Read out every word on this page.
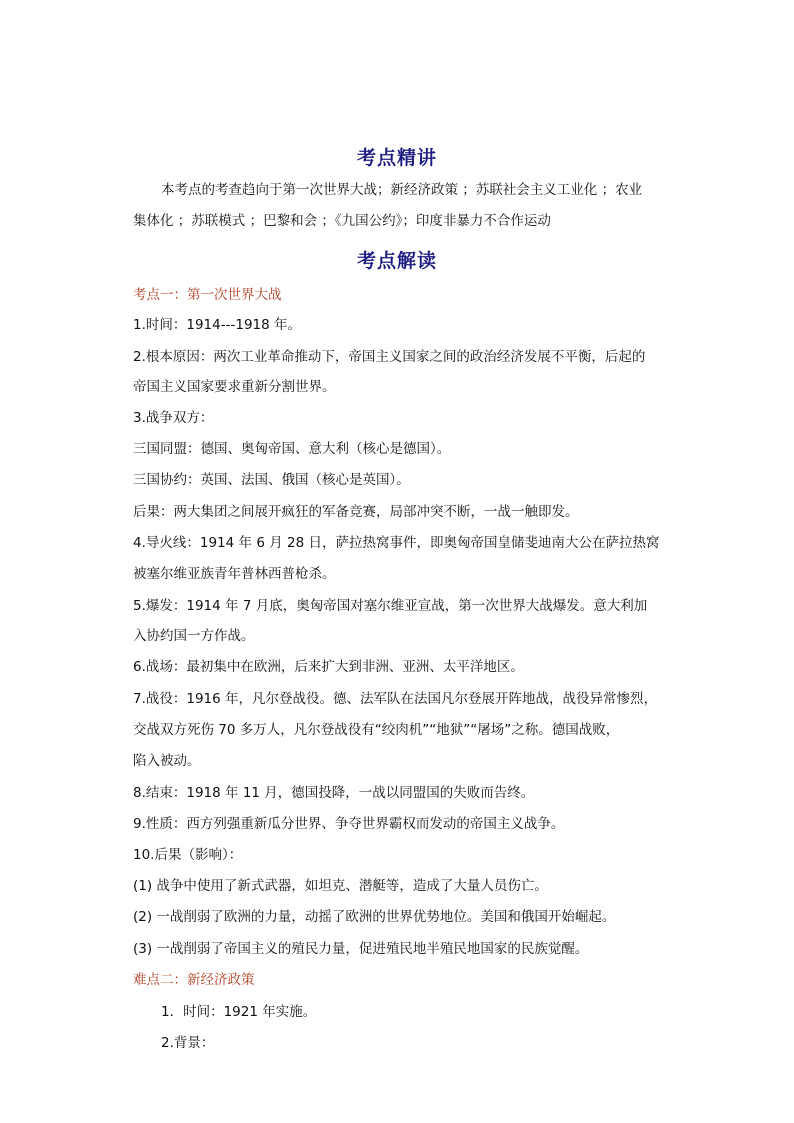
考点精讲
本考点的考查趋向于第一次世界大战；新经济政策 ；苏联社会主义工业化 ；农业
集体化 ；苏联模式 ；巴黎和会 ；《九国公约》；印度非暴力不合作运动
考点解读
考点一：第一次世界大战
1.时间：1914---1918 年。
2.根本原因：两次工业革命推动下，帝国主义国家之间的政治经济发展不平衡，后起的
帝国主义国家要求重新分割世界。
3.战争双方：
三国同盟：德国、奥匈帝国、意大利（核心是德国）。
三国协约：英国、法国、俄国（核心是英国）。
后果：两大集团之间展开疯狂的军备竞赛，局部冲突不断，一战一触即发。
4.导火线：1914 年 6 月 28 日，萨拉热窝事件，即奥匈帝国皇储斐迪南大公在萨拉热窝
被塞尔维亚族青年普林西普枪杀。
5.爆发：1914 年 7 月底，奥匈帝国对塞尔维亚宣战，第一次世界大战爆发。意大利加
入协约国一方作战。
6.战场：最初集中在欧洲，后来扩大到非洲、亚洲、太平洋地区。
7.战役：1916 年，凡尔登战役。德、法军队在法国凡尔登展开阵地战，战役异常惨烈，
交战双方死伤 70 多万人，凡尔登战役有“绞肉机”“地狱”“屠场”之称。德国战败，
陷入被动。
8.结束：1918 年 11 月，德国投降，一战以同盟国的失败而告终。
9.性质：西方列强重新瓜分世界、争夺世界霸权而发动的帝国主义战争。
10.后果（影响）：
(1) 战争中使用了新式武器，如坦克、潜艇等，造成了大量人员伤亡。
(2) 一战削弱了欧洲的力量，动摇了欧洲的世界优势地位。美国和俄国开始崛起。
(3) 一战削弱了帝国主义的殖民力量，促进殖民地半殖民地国家的民族觉醒。
难点二：新经济政策
1．时间：1921 年实施。
2.背景：
